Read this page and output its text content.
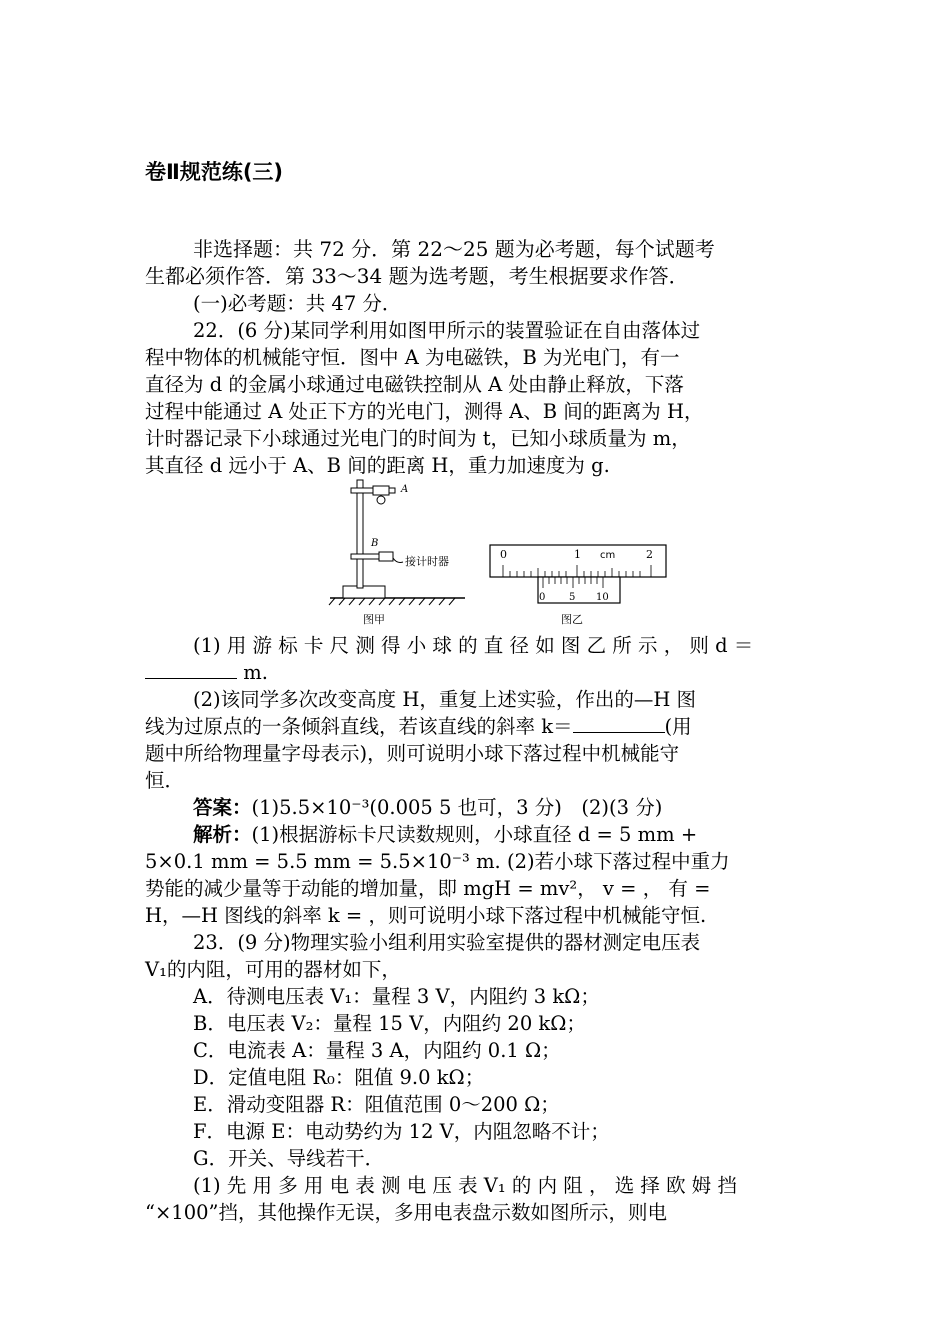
卷Ⅱ规范练(三)
非选择题：共 72 分．第 22～25 题为必考题，每个试题考
生都必须作答．第 33～34 题为选考题，考生根据要求作答．
(一)必考题：共 47 分．
22．(6 分)某同学利用如图甲所示的装置验证在自由落体过
程中物体的机械能守恒．图中 A 为电磁铁，B 为光电门，有一
直径为 d 的金属小球通过电磁铁控制从 A 处由静止释放，下落
过程中能通过 A 处正下方的光电门，测得 A、B 间的距离为 H，
计时器记录下小球通过光电门的时间为 t，已知小球质量为 m，
其直径 d 远小于 A、B 间的距离 H，重力加速度为 g.
A
B
接计时器
图甲
0	1 cm	2
0 5 10
图乙
(1) 用 游 标 卡 尺 测 得 小 球 的 直 径 如 图 乙 所 示 ， 则 d ＝
m.
(2)该同学多次改变高度 H，重复上述实验，作出的—H 图
线为过原点的一条倾斜直线，若该直线的斜率 k＝	(用
题中所给物理量字母表示)，则可说明小球下落过程中机械能守
恒．
答案：(1)5.5×10⁻³(0.005 5 也可，3 分)　(2)(3 分)
解析：(1)根据游标卡尺读数规则，小球直径 d = 5 mm +
5×0.1 mm = 5.5 mm = 5.5×10⁻³ m. (2)若小球下落过程中重力
势能的减少量等于动能的增加量，即 mgH = mv²， v = ， 有 =
H，—H 图线的斜率 k = ，则可说明小球下落过程中机械能守恒.
23．(9 分)物理实验小组利用实验室提供的器材测定电压表
V₁的内阻，可用的器材如下，
A．待测电压表 V₁：量程 3 V，内阻约 3 kΩ；
B．电压表 V₂：量程 15 V，内阻约 20 kΩ；
C．电流表 A：量程 3 A，内阻约 0.1 Ω；
D．定值电阻 R₀：阻值 9.0 kΩ；
E．滑动变阻器 R：阻值范围 0～200 Ω；
F．电源 E：电动势约为 12 V，内阻忽略不计；
G．开关、导线若干．
(1) 先 用 多 用 电 表 测 电 压 表 V₁ 的 内 阻 ， 选 择 欧 姆 挡
“×100”挡，其他操作无误，多用电表盘示数如图所示，则电
